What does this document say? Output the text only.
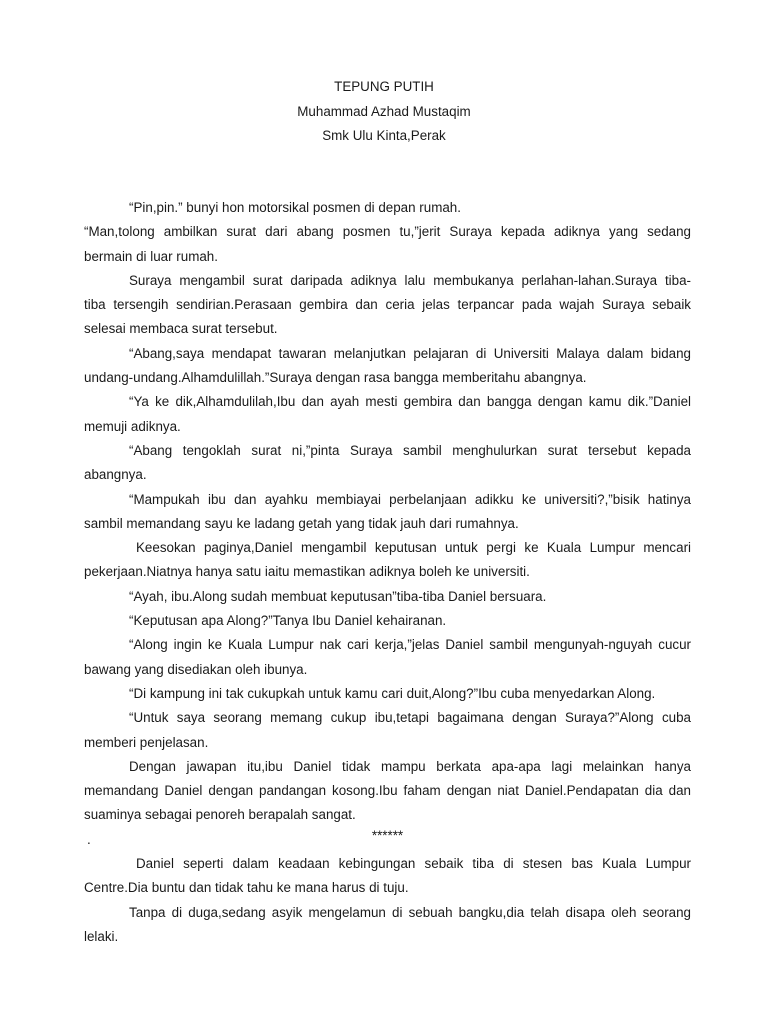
TEPUNG PUTIH
Muhammad Azhad Mustaqim
Smk Ulu Kinta,Perak
“Pin,pin.” bunyi hon motorsikal posmen di depan rumah.
“Man,tolong ambilkan surat dari abang posmen tu,”jerit Suraya kepada adiknya yang sedang
bermain di luar rumah.
Suraya mengambil surat daripada adiknya lalu membukanya perlahan-lahan.Suraya tiba-
tiba tersengih sendirian.Perasaan gembira dan ceria jelas terpancar pada wajah Suraya sebaik
selesai membaca surat tersebut.
“Abang,saya mendapat tawaran melanjutkan pelajaran di Universiti Malaya dalam bidang
undang-undang.Alhamdulillah.”Suraya dengan rasa bangga memberitahu abangnya.
“Ya ke dik,Alhamdulilah,Ibu dan ayah mesti gembira dan bangga dengan kamu dik.”Daniel
memuji adiknya.
“Abang tengoklah surat ni,”pinta Suraya sambil menghulurkan surat tersebut kepada
abangnya.
“Mampukah ibu dan ayahku membiayai perbelanjaan adikku ke universiti?,”bisik hatinya
sambil memandang sayu ke ladang getah yang tidak jauh dari rumahnya.
Keesokan paginya,Daniel mengambil keputusan untuk pergi ke Kuala Lumpur mencari
pekerjaan.Niatnya hanya satu iaitu memastikan adiknya boleh ke universiti.
“Ayah, ibu.Along sudah membuat keputusan”tiba-tiba Daniel bersuara.
“Keputusan apa Along?”Tanya Ibu Daniel kehairanan.
“Along ingin ke Kuala Lumpur nak cari kerja,”jelas Daniel sambil mengunyah-nguyah cucur
bawang yang disediakan oleh ibunya.
“Di kampung ini tak cukupkah untuk kamu cari duit,Along?”Ibu cuba menyedarkan Along.
“Untuk saya seorang memang cukup ibu,tetapi bagaimana dengan Suraya?”Along cuba
memberi penjelasan.
Dengan jawapan itu,ibu Daniel tidak mampu berkata apa-apa lagi melainkan hanya
memandang Daniel dengan pandangan kosong.Ibu faham dengan niat Daniel.Pendapatan dia dan
suaminya sebagai penoreh berapalah sangat.
.	******
Daniel seperti dalam keadaan kebingungan sebaik tiba di stesen bas Kuala Lumpur
Centre.Dia buntu dan tidak tahu ke mana harus di tuju.
Tanpa di duga,sedang asyik mengelamun di sebuah bangku,dia telah disapa oleh seorang
lelaki.
